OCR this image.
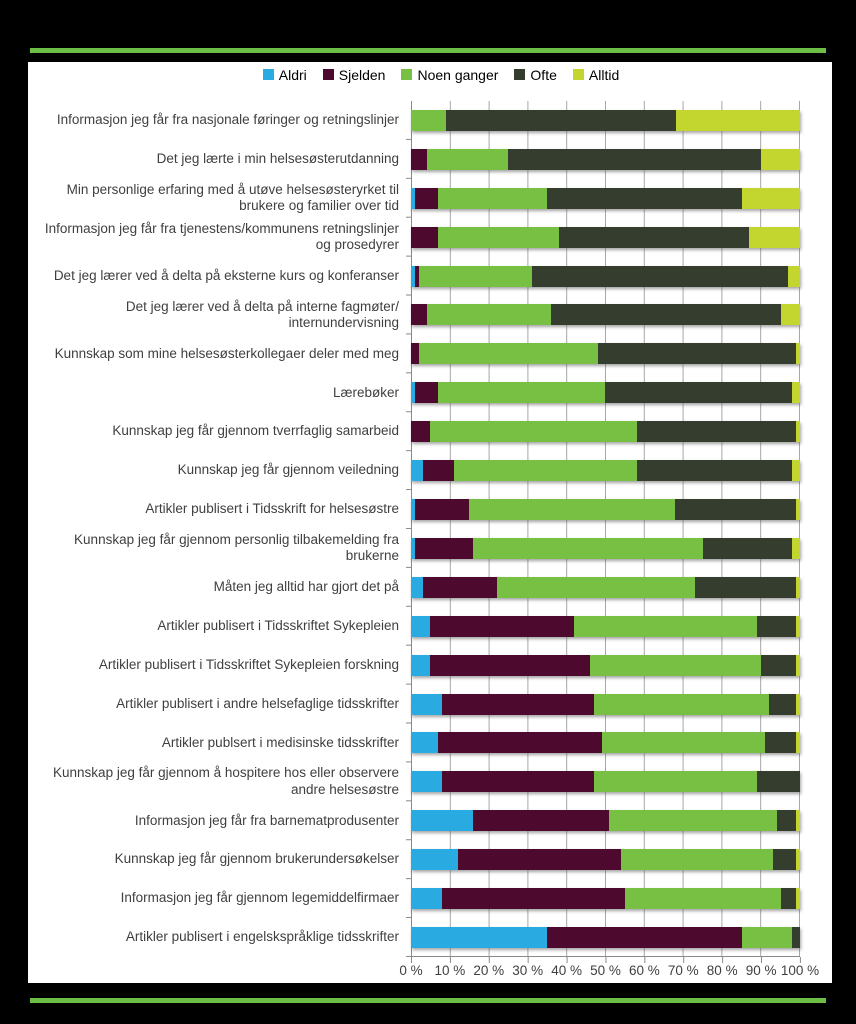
Aldri Sjelden Noen ganger Ofte Alltid
Informasjon jeg får fra nasjonale føringer og retningslinjer
Det jeg lærte i min helsesøsterutdanning
Min personlige erfaring med å utøve helsesøsteryrket til brukere og familier over tid
Informasjon jeg får fra tjenestens/kommunens retningslinjer og prosedyrer
Det jeg lærer ved å delta på eksterne kurs og konferanser
Det jeg lærer ved å delta på interne fagmøter/ internundervisning
Kunnskap som mine helsesøsterkollegaer deler med meg
Lærebøker
Kunnskap jeg får gjennom tverrfaglig samarbeid
Kunnskap jeg får gjennom veiledning
Artikler publisert i Tidsskrift for helsesøstre
Kunnskap jeg får gjennom personlig tilbakemelding fra brukerne
Måten jeg alltid har gjort det på
Artikler publisert i Tidsskriftet Sykepleien
Artikler publisert i Tidsskriftet Sykepleien forskning
Artikler publisert i andre helsefaglige tidsskrifter
Artikler publsert i medisinske tidsskrifter
Kunnskap jeg får gjennom å hospitere hos eller observere andre helsesøstre
Informasjon jeg får fra barnematprodusenter
Kunnskap jeg får gjennom brukerundersøkelser
Informasjon jeg får gjennom legemiddelfirmaer
Artikler publisert i engelskspråklige tidsskrifter
0 % 10 % 20 % 30 % 40 % 50 % 60 % 70 % 80 % 90 % 100 %
